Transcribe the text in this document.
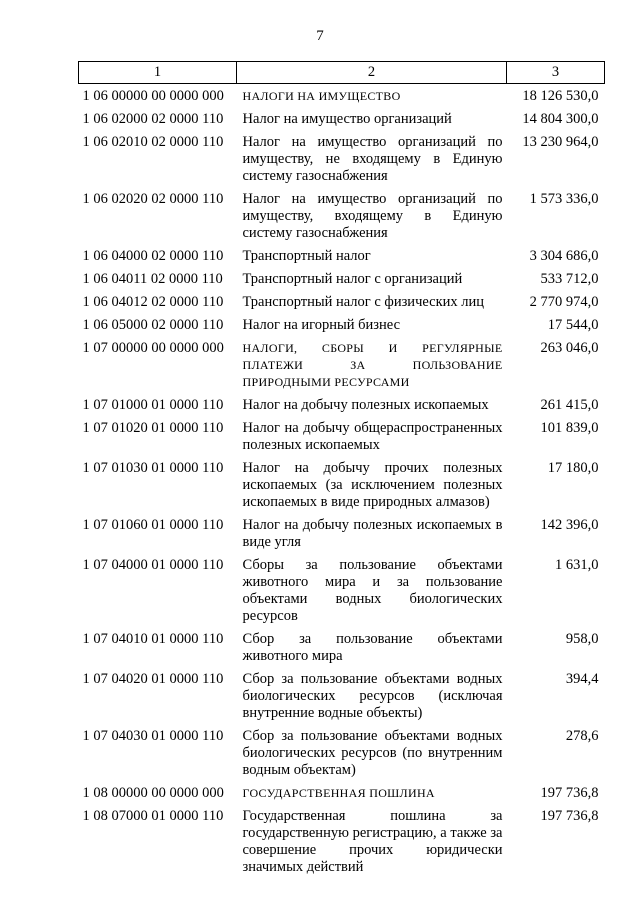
7
1	2	3
1 06 00000 00 0000 000	НАЛОГИ НА ИМУЩЕСТВО	18 126 530,0
1 06 02000 02 0000 110	Налог на имущество организаций	14 804 300,0
1 06 02010 02 0000 110	Налог на имущество организаций по имуществу, не входящему в Единую систему газоснабжения	13 230 964,0
1 06 02020 02 0000 110	Налог на имущество организаций по имуществу, входящему в Единую систему газоснабжения	1 573 336,0
1 06 04000 02 0000 110	Транспортный налог	3 304 686,0
1 06 04011 02 0000 110	Транспортный налог с организаций	533 712,0
1 06 04012 02 0000 110	Транспортный налог с физических лиц	2 770 974,0
1 06 05000 02 0000 110	Налог на игорный бизнес	17 544,0
1 07 00000 00 0000 000	НАЛОГИ, СБОРЫ И РЕГУЛЯРНЫЕ ПЛАТЕЖИ ЗА ПОЛЬЗОВАНИЕ ПРИРОДНЫМИ РЕСУРСАМИ	263 046,0
1 07 01000 01 0000 110	Налог на добычу полезных ископаемых	261 415,0
1 07 01020 01 0000 110	Налог на добычу общераспространенных полезных ископаемых	101 839,0
1 07 01030 01 0000 110	Налог на добычу прочих полезных ископаемых (за исключением полезных ископаемых в виде природных алмазов)	17 180,0
1 07 01060 01 0000 110	Налог на добычу полезных ископаемых в виде угля	142 396,0
1 07 04000 01 0000 110	Сборы за пользование объектами животного мира и за пользование объектами водных биологических ресурсов	1 631,0
1 07 04010 01 0000 110	Сбор за пользование объектами животного мира	958,0
1 07 04020 01 0000 110	Сбор за пользование объектами водных биологических ресурсов (исключая внутренние водные объекты)	394,4
1 07 04030 01 0000 110	Сбор за пользование объектами водных биологических ресурсов (по внутренним водным объектам)	278,6
1 08 00000 00 0000 000	ГОСУДАРСТВЕННАЯ ПОШЛИНА	197 736,8
1 08 07000 01 0000 110	Государственная пошлина за государственную регистрацию, а также за совершение прочих юридически значимых действий	197 736,8
